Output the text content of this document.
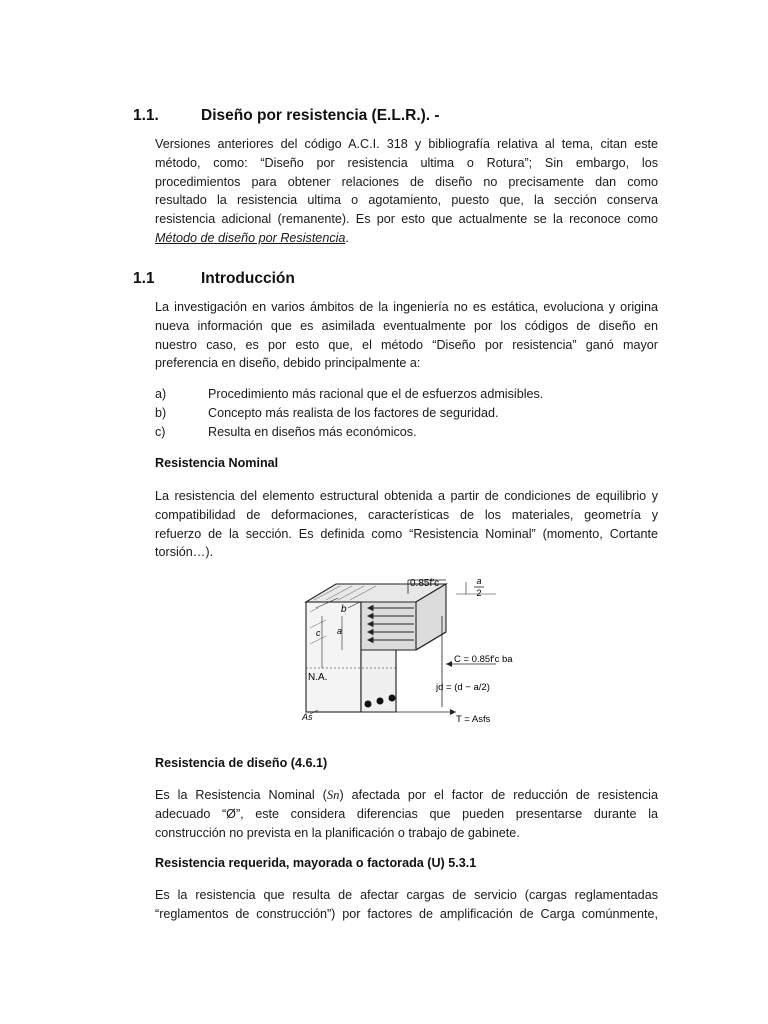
1.1.	Diseño por resistencia (E.L.R.). -
Versiones anteriores del código A.C.I. 318 y bibliografía relativa al tema, citan este
método, como: “Diseño por resistencia ultima o Rotura”; Sin embargo, los
procedimientos para obtener relaciones de diseño no precisamente dan como
resultado la resistencia ultima o agotamiento, puesto que, la sección conserva
resistencia adicional (remanente). Es por esto que actualmente se la reconoce como
Método de diseño por Resistencia.
1.1	Introducción
La investigación en varios ámbitos de la ingeniería no es estática, evoluciona y origina
nueva información que es asimilada eventualmente por los códigos de diseño en
nuestro caso, es por esto que, el método “Diseño por resistencia” ganó mayor
preferencia en diseño, debido principalmente a:
a)	Procedimiento más racional que el de esfuerzos admisibles.
b)	Concepto más realista de los factores de seguridad.
c)	Resulta en diseños más económicos.
Resistencia Nominal
La resistencia del elemento estructural obtenida a partir de condiciones de equilibrio y
compatibilidad de deformaciones, características de los materiales, geometría y
refuerzo de la sección. Es definida como “Resistencia Nominal” (momento, Cortante
torsión…).
0.85f′c	a
2
b
c a
N.A.
As
C = 0.85f′c ba
jd = (d − a/2)
T = Asfs
Resistencia de diseño (4.6.1)
Es la Resistencia Nominal (Sn) afectada por el factor de reducción de resistencia
adecuado “Ø”, este considera diferencias que pueden presentarse durante la
construcción no prevista en la planificación o trabajo de gabinete.
Resistencia requerida, mayorada o factorada (U) 5.3.1
Es la resistencia que resulta de afectar cargas de servicio (cargas reglamentadas
“reglamentos de construcción”) por factores de amplificación de Carga comúnmente,
